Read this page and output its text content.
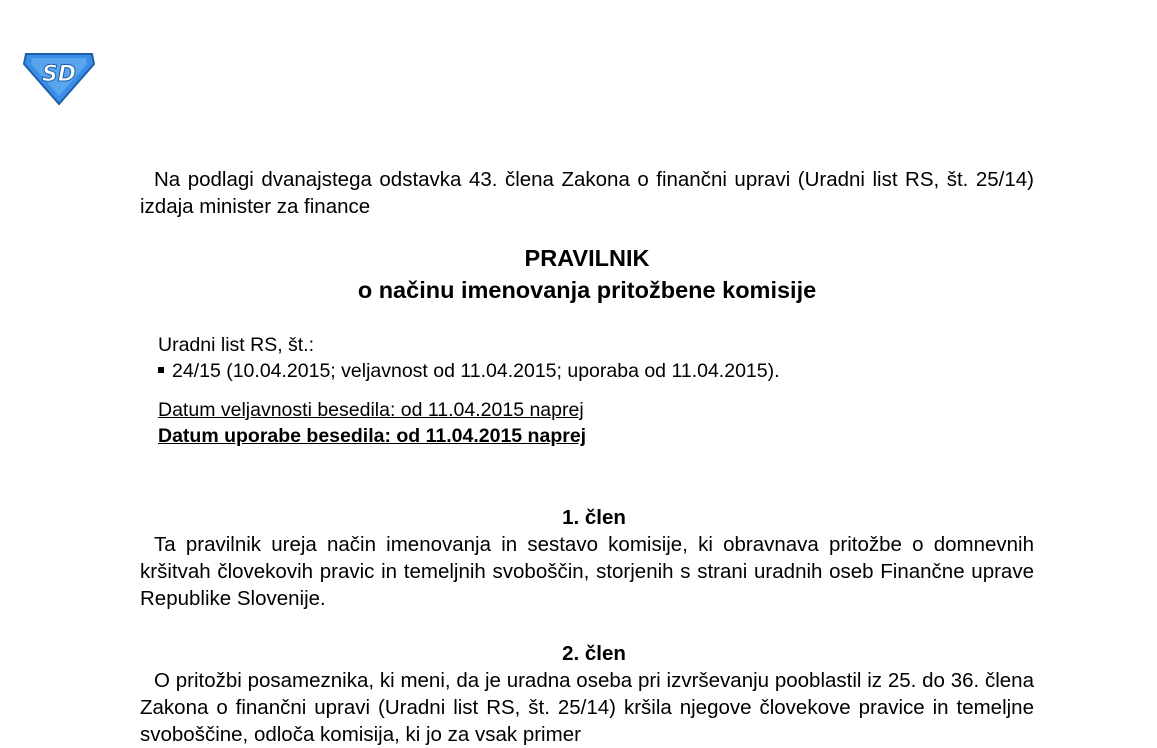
SD

Na podlagi dvanajstega odstavka 43. člena Zakona o finančni upravi (Uradni list RS, št. 25/14) izdaja minister za finance

PRAVILNIK

o načinu imenovanja pritožbene komisije

Uradni list RS, št.:
24/15 (10.04.2015; veljavnost od 11.04.2015; uporaba od 11.04.2015).
Datum veljavnosti besedila: od 11.04.2015 naprej
Datum uporabe besedila: od 11.04.2015 naprej

1. člen

Ta pravilnik ureja način imenovanja in sestavo komisije, ki obravnava pritožbe o domnevnih kršitvah človekovih pravic in temeljnih svoboščin, storjenih s strani uradnih oseb Finančne uprave Republike Slovenije.

2. člen

O pritožbi posameznika, ki meni, da je uradna oseba pri izvrševanju pooblastil iz 25. do 36. člena Zakona o finančni upravi (Uradni list RS, št. 25/14) kršila njegove človekove pravice in temeljne svoboščine, odloča komisija, ki jo za vsak primer
